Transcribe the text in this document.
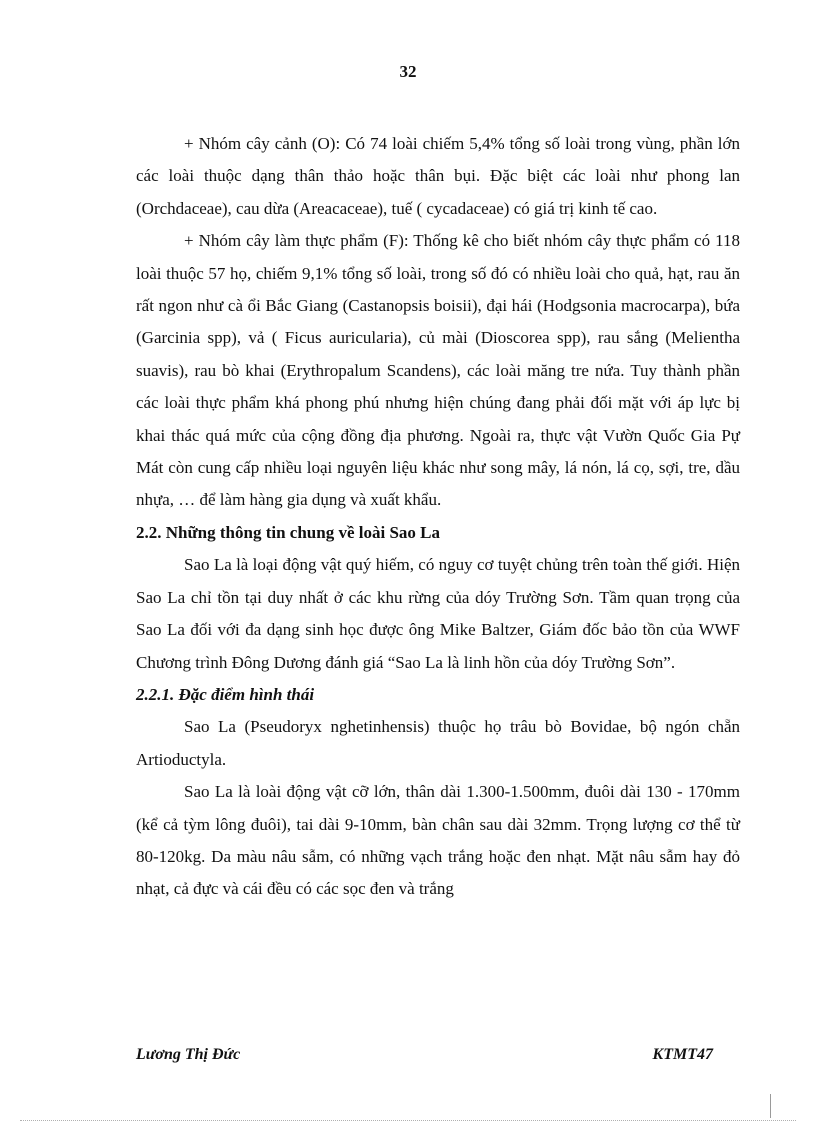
32

+ Nhóm cây cảnh (O): Có 74 loài chiếm 5,4% tổng số loài trong vùng, phần lớn các loài thuộc dạng thân thảo hoặc thân bụi. Đặc biệt các loài như phong lan (Orchdaceae), cau dừa (Areacaceae), tuế ( cycadaceae) có giá trị kinh tế cao.

+ Nhóm cây làm thực phẩm (F): Thống kê cho biết nhóm cây thực phẩm có 118 loài thuộc 57 họ, chiếm 9,1% tổng số loài, trong số đó có nhiều loài cho quả, hạt, rau ăn rất ngon như cà ổi Bắc Giang (Castanopsis boisii), đại hái (Hodgsonia macrocarpa), bứa (Garcinia spp), vả ( Ficus auricularia), củ mài (Dioscorea spp), rau sắng (Melientha suavis), rau bò khai (Erythropalum Scandens), các loài măng tre nứa. Tuy thành phần các loài thực phẩm khá phong phú nhưng hiện chúng đang phải đối mặt với áp lực bị khai thác quá mức của cộng đồng địa phương. Ngoài ra, thực vật Vườn Quốc Gia Pự Mát còn cung cấp nhiều loại nguyên liệu khác như song mây, lá nón, lá cọ, sợi, tre, dầu nhựa, … để làm hàng gia dụng và xuất khẩu.

2.2. Những thông tin chung về loài Sao La

Sao La là loại động vật quý hiếm, có nguy cơ tuyệt chủng trên toàn thế giới. Hiện Sao La chỉ tồn tại duy nhất ở các khu rừng của dóy Trường Sơn. Tầm quan trọng của Sao La đối với đa dạng sinh học được ông Mike Baltzer, Giám đốc bảo tồn của WWF Chương trình Đông Dương đánh giá “Sao La là linh hồn của dóy Trường Sơn”.

2.2.1. Đặc điểm hình thái

Sao La (Pseudoryx nghetinhensis) thuộc họ trâu bò Bovidae, bộ ngón chẵn Artioductyla.

Sao La là loài động vật cỡ lớn, thân dài 1.300-1.500mm, đuôi dài 130 - 170mm (kể cả tỳm lông đuôi), tai dài 9-10mm, bàn chân sau dài 32mm. Trọng lượng cơ thể từ 80-120kg. Da màu nâu sẫm, có những vạch trắng hoặc đen nhạt. Mặt nâu sẫm hay đỏ nhạt, cả đực và cái đều có các sọc đen và trắng

Lương Thị Đức	KTMT47
